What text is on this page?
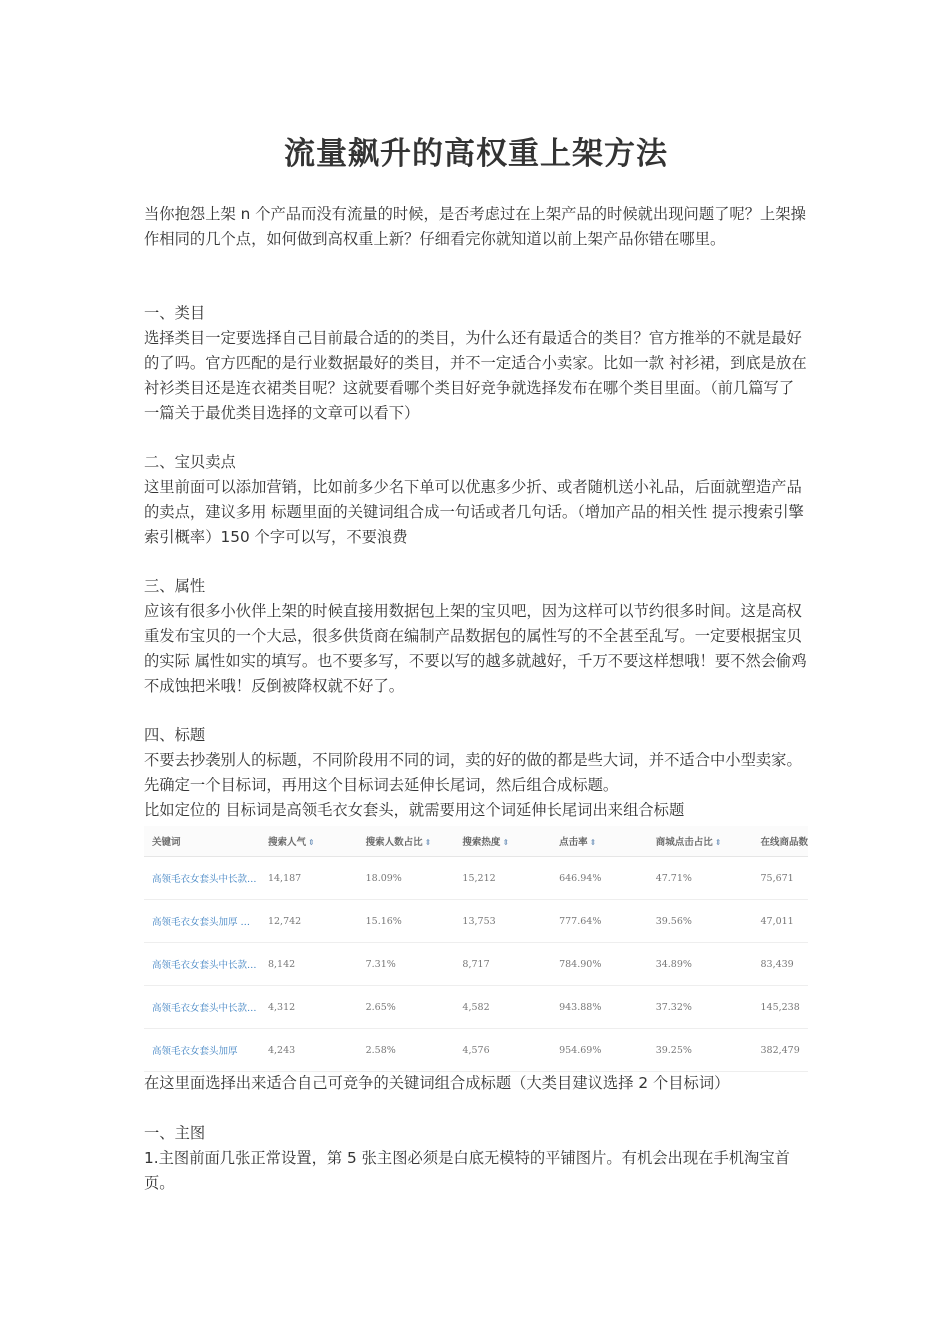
流量飙升的高权重上架方法

当你抱怨上架 n 个产品而没有流量的时候，是否考虑过在上架产品的时候就出现问题了呢？上架操作相同的几个点，如何做到高权重上新？仔细看完你就知道以前上架产品你错在哪里。

一、类目

选择类目一定要选择自己目前最合适的的类目，为什么还有最适合的类目？官方推举的不就是最好的了吗。官方匹配的是行业数据最好的类目，并不一定适合小卖家。比如一款 衬衫裙，到底是放在衬衫类目还是连衣裙类目呢？这就要看哪个类目好竞争就选择发布在哪个类目里面。（前几篇写了一篇关于最优类目选择的文章可以看下）

二、宝贝卖点

这里前面可以添加营销，比如前多少名下单可以优惠多少折、或者随机送小礼品，后面就塑造产品的卖点，建议多用 标题里面的关键词组合成一句话或者几句话。（增加产品的相关性 提示搜索引擎索引概率）150 个字可以写，不要浪费

三、属性

应该有很多小伙伴上架的时候直接用数据包上架的宝贝吧，因为这样可以节约很多时间。这是高权重发布宝贝的一个大忌，很多供货商在编制产品数据包的属性写的不全甚至乱写。一定要根据宝贝的实际 属性如实的填写。也不要多写，不要以写的越多就越好，千万不要这样想哦！要不然会偷鸡不成蚀把米哦！反倒被降权就不好了。

四、标题

不要去抄袭别人的标题，不同阶段用不同的词，卖的好的做的都是些大词，并不适合中小型卖家。先确定一个目标词，再用这个目标词去延伸长尾词，然后组合成标题。

比如定位的 目标词是高领毛衣女套头，就需要用这个词延伸长尾词出来组合标题

关键词	搜索人气 ⇕	搜索人数占比 ⇕	搜索热度 ⇕	点击率 ⇕	商城点击占比 ⇕	在线商品数
高领毛衣女套头中长款…	14,187	18.09%	15,212	646.94%	47.71%	75,671
高领毛衣女套头加厚 …	12,742	15.16%	13,753	777.64%	39.56%	47,011
高领毛衣女套头中长款…	8,142	7.31%	8,717	784.90%	34.89%	83,439
高领毛衣女套头中长款…	4,312	2.65%	4,582	943.88%	37.32%	145,238
高领毛衣女套头加厚	4,243	2.58%	4,576	954.69%	39.25%	382,479

在这里面选择出来适合自己可竞争的关键词组合成标题（大类目建议选择 2 个目标词）

一、主图

1.主图前面几张正常设置，第 5 张主图必须是白底无模特的平铺图片。有机会出现在手机淘宝首页。
